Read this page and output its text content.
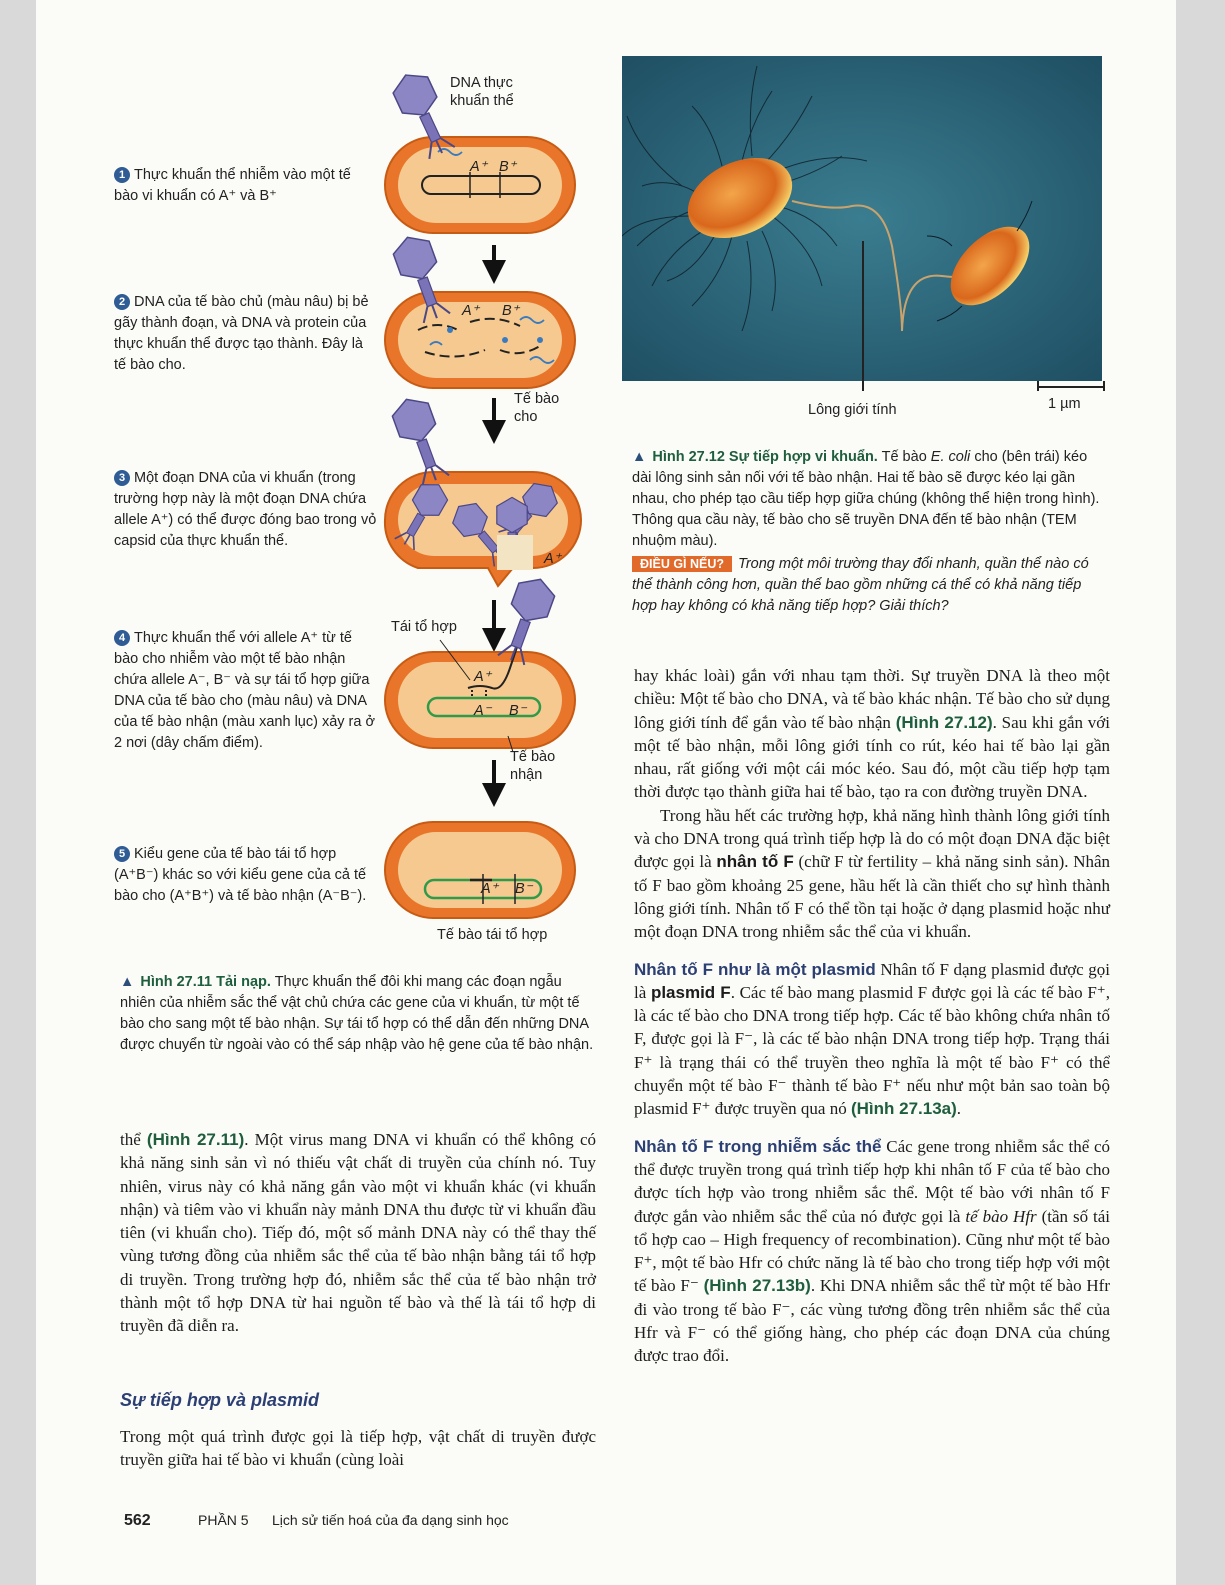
A⁺ B⁺
A⁺ B⁺
A⁺
A⁺
A⁻ B⁻
A⁺ B⁻
DNA thực khuẩn thể
Tế bào cho
Tái tổ hợp
Tế bào nhận
Tế bào tái tổ hợp
1 Thực khuẩn thể nhiễm vào một tế bào vi khuẩn có A⁺ và B⁺
2 DNA của tế bào chủ (màu nâu) bị bẻ gãy thành đoạn, và DNA và protein của thực khuẩn thể được tạo thành. Đây là tế bào cho.
3 Một đoạn DNA của vi khuẩn (trong trường hợp này là một đoạn DNA chứa allele A⁺) có thể được đóng bao trong vỏ capsid của thực khuẩn thể.
4 Thực khuẩn thể với allele A⁺ từ tế bào cho nhiễm vào một tế bào nhận chứa allele A⁻, B⁻ và sự tái tổ hợp giữa DNA của tế bào cho (màu nâu) và DNA của tế bào nhận (màu xanh lục) xảy ra ở 2 nơi (dây chấm điểm).
5 Kiểu gene của tế bào tái tổ hợp (A⁺B⁻) khác so với kiểu gene của cả tế bào cho (A⁺B⁺) và tế bào nhận (A⁻B⁻).
▲ Hình 27.11 Tải nạp. Thực khuẩn thể đôi khi mang các đoạn ngẫu nhiên của nhiễm sắc thể vật chủ chứa các gene của vi khuẩn, từ một tế bào cho sang một tế bào nhận. Sự tái tổ hợp có thể dẫn đến những DNA được chuyển từ ngoài vào có thể sáp nhập vào hệ gene của tế bào nhận.

thể (Hình 27.11). Một virus mang DNA vi khuẩn có thể không có khả năng sinh sản vì nó thiếu vật chất di truyền của chính nó. Tuy nhiên, virus này có khả năng gắn vào một vi khuẩn khác (vi khuẩn nhận) và tiêm vào vi khuẩn này mảnh DNA thu được từ vi khuẩn đầu tiên (vi khuẩn cho). Tiếp đó, một số mảnh DNA này có thể thay thế vùng tương đồng của nhiễm sắc thể của tế bào nhận bằng tái tổ hợp di truyền. Trong trường hợp đó, nhiễm sắc thể của tế bào nhận trở thành một tổ hợp DNA từ hai nguồn tế bào và thế là tái tổ hợp di truyền đã diễn ra.

Sự tiếp hợp và plasmid
Trong một quá trình được gọi là tiếp hợp, vật chất di truyền được truyền giữa hai tế bào vi khuẩn (cùng loài
Lông giới tính	1 µm
▲ Hình 27.12 Sự tiếp hợp vi khuẩn. Tế bào E. coli cho (bên trái) kéo dài lông sinh sản nối với tế bào nhận. Hai tế bào sẽ được kéo lại gần nhau, cho phép tạo cầu tiếp hợp giữa chúng (không thể hiện trong hình). Thông qua cầu này, tế bào cho sẽ truyền DNA đến tế bào nhận (TEM nhuộm màu).
ĐIỀU GÌ NẾU? Trong một môi trường thay đổi nhanh, quần thể nào có thể thành công hơn, quần thể bao gồm những cá thể có khả năng tiếp hợp hay không có khả năng tiếp hợp? Giải thích?

hay khác loài) gắn với nhau tạm thời. Sự truyền DNA là theo một chiều: Một tế bào cho DNA, và tế bào khác nhận. Tế bào cho sử dụng lông giới tính để gắn vào tế bào nhận (Hình 27.12). Sau khi gắn với một tế bào nhận, mỗi lông giới tính co rút, kéo hai tế bào lại gần nhau, rất giống với một cái móc kéo. Sau đó, một cầu tiếp hợp tạm thời được tạo thành giữa hai tế bào, tạo ra con đường truyền DNA.

Trong hầu hết các trường hợp, khả năng hình thành lông giới tính và cho DNA trong quá trình tiếp hợp là do có một đoạn DNA đặc biệt được gọi là nhân tố F (chữ F từ fertility – khả năng sinh sản). Nhân tố F bao gồm khoảng 25 gene, hầu hết là cần thiết cho sự hình thành lông giới tính. Nhân tố F có thể tồn tại hoặc ở dạng plasmid hoặc như một đoạn DNA trong nhiễm sắc thể của vi khuẩn.

Nhân tố F như là một plasmid Nhân tố F dạng plasmid được gọi là plasmid F. Các tế bào mang plasmid F được gọi là các tế bào F⁺, là các tế bào cho DNA trong tiếp hợp. Các tế bào không chứa nhân tố F, được gọi là F⁻, là các tế bào nhận DNA trong tiếp hợp. Trạng thái F⁺ là trạng thái có thể truyền theo nghĩa là một tế bào F⁺ có thể chuyển một tế bào F⁻ thành tế bào F⁺ nếu như một bản sao toàn bộ plasmid F⁺ được truyền qua nó (Hình 27.13a).

Nhân tố F trong nhiễm sắc thể Các gene trong nhiễm sắc thể có thể được truyền trong quá trình tiếp hợp khi nhân tố F của tế bào cho được tích hợp vào trong nhiễm sắc thể. Một tế bào với nhân tố F được gắn vào nhiễm sắc thể của nó được gọi là tế bào Hfr (tần số tái tổ hợp cao – High frequency of recombination). Cũng như một tế bào F⁺, một tế bào Hfr có chức năng là tế bào cho trong tiếp hợp với một tế bào F⁻ (Hình 27.13b). Khi DNA nhiễm sắc thể từ một tế bào Hfr đi vào trong tế bào F⁻, các vùng tương đồng trên nhiễm sắc thể của Hfr và F⁻ có thể giống hàng, cho phép các đoạn DNA của chúng được trao đổi.

562	PHẦN 5 Lịch sử tiến hoá của đa dạng sinh học
